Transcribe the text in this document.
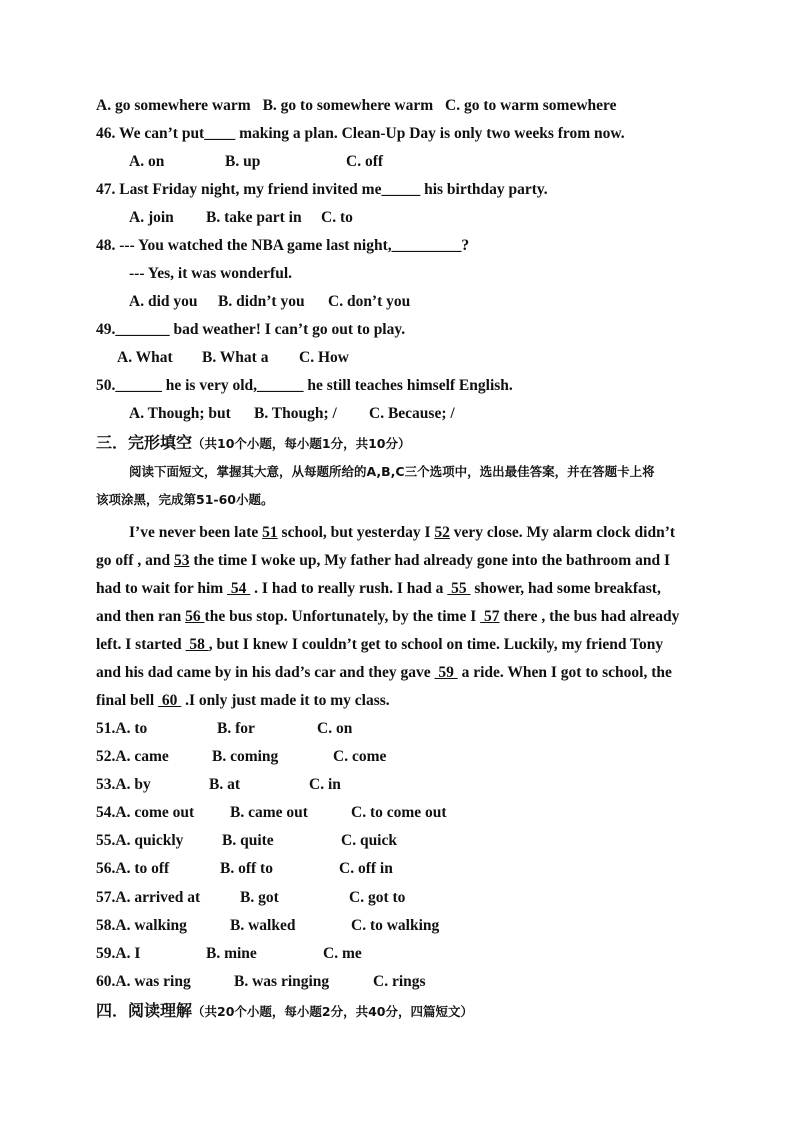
A. go somewhere warm B. go to somewhere warm C. go to warm somewhere
46. We can’t put____ making a plan. Clean-Up Day is only two weeks from now.
A. on	B. up	C. off
47. Last Friday night, my friend invited me_____ his birthday party.
A. join B. take part in C. to
48. --- You watched the NBA game last night,_________?
--- Yes, it was wonderful.
A. did you B. didn’t you C. don’t you
49._______ bad weather! I can’t go out to play.
A. What B. What a C. How
50.______ he is very old,______ he still teaches himself English.
A. Though; but B. Though; / C. Because; /
三．完形填空（共10个小题，每小题1分，共10分）
阅读下面短文，掌握其大意，从每题所给的A,B,C三个选项中，选出最佳答案，并在答题卡上将
该项涂黑，完成第51-60小题。
I’ve never been late 51 school, but yesterday I 52 very close. My alarm clock didn’t
go off , and 53 the time I woke up, My father had already gone into the bathroom and I
had to wait for him  54  . I had to really rush. I had a  55  shower, had some breakfast,
and then ran 56 the bus stop. Unfortunately, by the time I  57 there , the bus had already
left. I started  58 , but I knew I couldn’t get to school on time. Luckily, my friend Tony
and his dad came by in his dad’s car and they gave  59  a ride. When I got to school, the
final bell  60  .I only just made it to my class.
51.A. to	B. for	C. on
52.A. came	B. coming	C. come
53.A. by	B. at	C. in
54.A. come out B. came out	C. to come out
55.A. quickly B. quite	C. quick
56.A. to off	B. off to	C. off in
57.A. arrived at	B. got	C. got to
58.A. walking	B. walked	C. to walking
59.A. I	B. mine	C. me
60.A. was ring	B. was ringing	C. rings
四．阅读理解（共20个小题，每小题2分，共40分，四篇短文）
